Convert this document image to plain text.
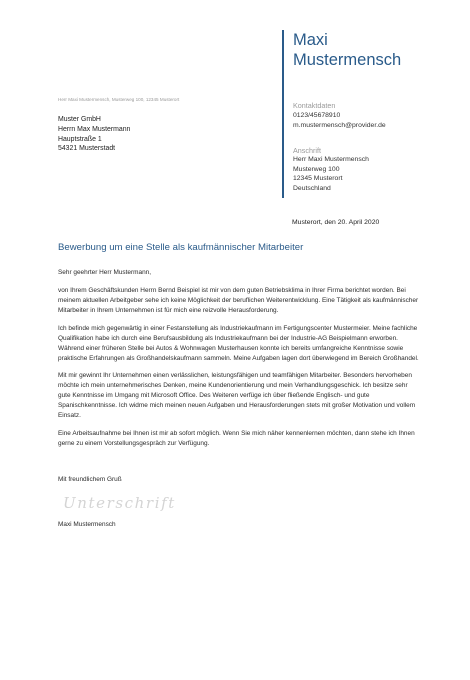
Maxi
Mustermensch
Kontaktdaten
0123/45678910
m.mustermensch@provider.de
Anschrift
Herr Maxi Mustermensch
Musterweg 100
12345 Musterort
Deutschland
Herr Maxi Mustermensch, Musterweg 100, 12345 Musterort
Muster GmbH
Herrn Max Mustermann
Hauptstraße 1
54321 Musterstadt
Musterort, den 20. April 2020
Bewerbung um eine Stelle als kaufmännischer Mitarbeiter

Sehr geehrter Herr Mustermann,

von Ihrem Geschäftskunden Herrn Bernd Beispiel ist mir von dem guten Betriebsklima in Ihrer Firma berichtet worden. Bei meinem aktuellen Arbeitgeber sehe ich keine Möglichkeit der beruflichen Weiterentwicklung. Eine Tätigkeit als kaufmännischer Mitarbeiter in Ihrem Unternehmen ist für mich eine reizvolle Herausforderung.

Ich befinde mich gegenwärtig in einer Festanstellung als Industriekaufmann im Fertigungscenter Mustermeier. Meine fachliche Qualifikation habe ich durch eine Berufsausbildung als Industriekaufmann bei der Industrie-AG Beispielmann erworben. Während einer früheren Stelle bei Autos & Wohnwagen Musterhausen konnte ich bereits umfangreiche Kenntnisse sowie praktische Erfahrungen als Großhandelskaufmann sammeln. Meine Aufgaben lagen dort überwiegend im Bereich Großhandel.

Mit mir gewinnt Ihr Unternehmen einen verlässlichen, leistungsfähigen und teamfähigen Mitarbeiter. Besonders hervorheben möchte ich mein unternehmerisches Denken, meine Kundenorientierung und mein Verhandlungsgeschick. Ich besitze sehr gute Kenntnisse im Umgang mit Microsoft Office. Des Weiteren verfüge ich über fließende Englisch- und gute Spanischkenntnisse. Ich widme mich meinen neuen Aufgaben und Herausforderungen stets mit großer Motivation und vollem Einsatz.

Eine Arbeitsaufnahme bei Ihnen ist mir ab sofort möglich. Wenn Sie mich näher kennenlernen möchten, dann stehe ich Ihnen gerne zu einem Vorstellungsgespräch zur Verfügung.

Mit freundlichem Gruß
Unterschrift
Maxi Mustermensch
